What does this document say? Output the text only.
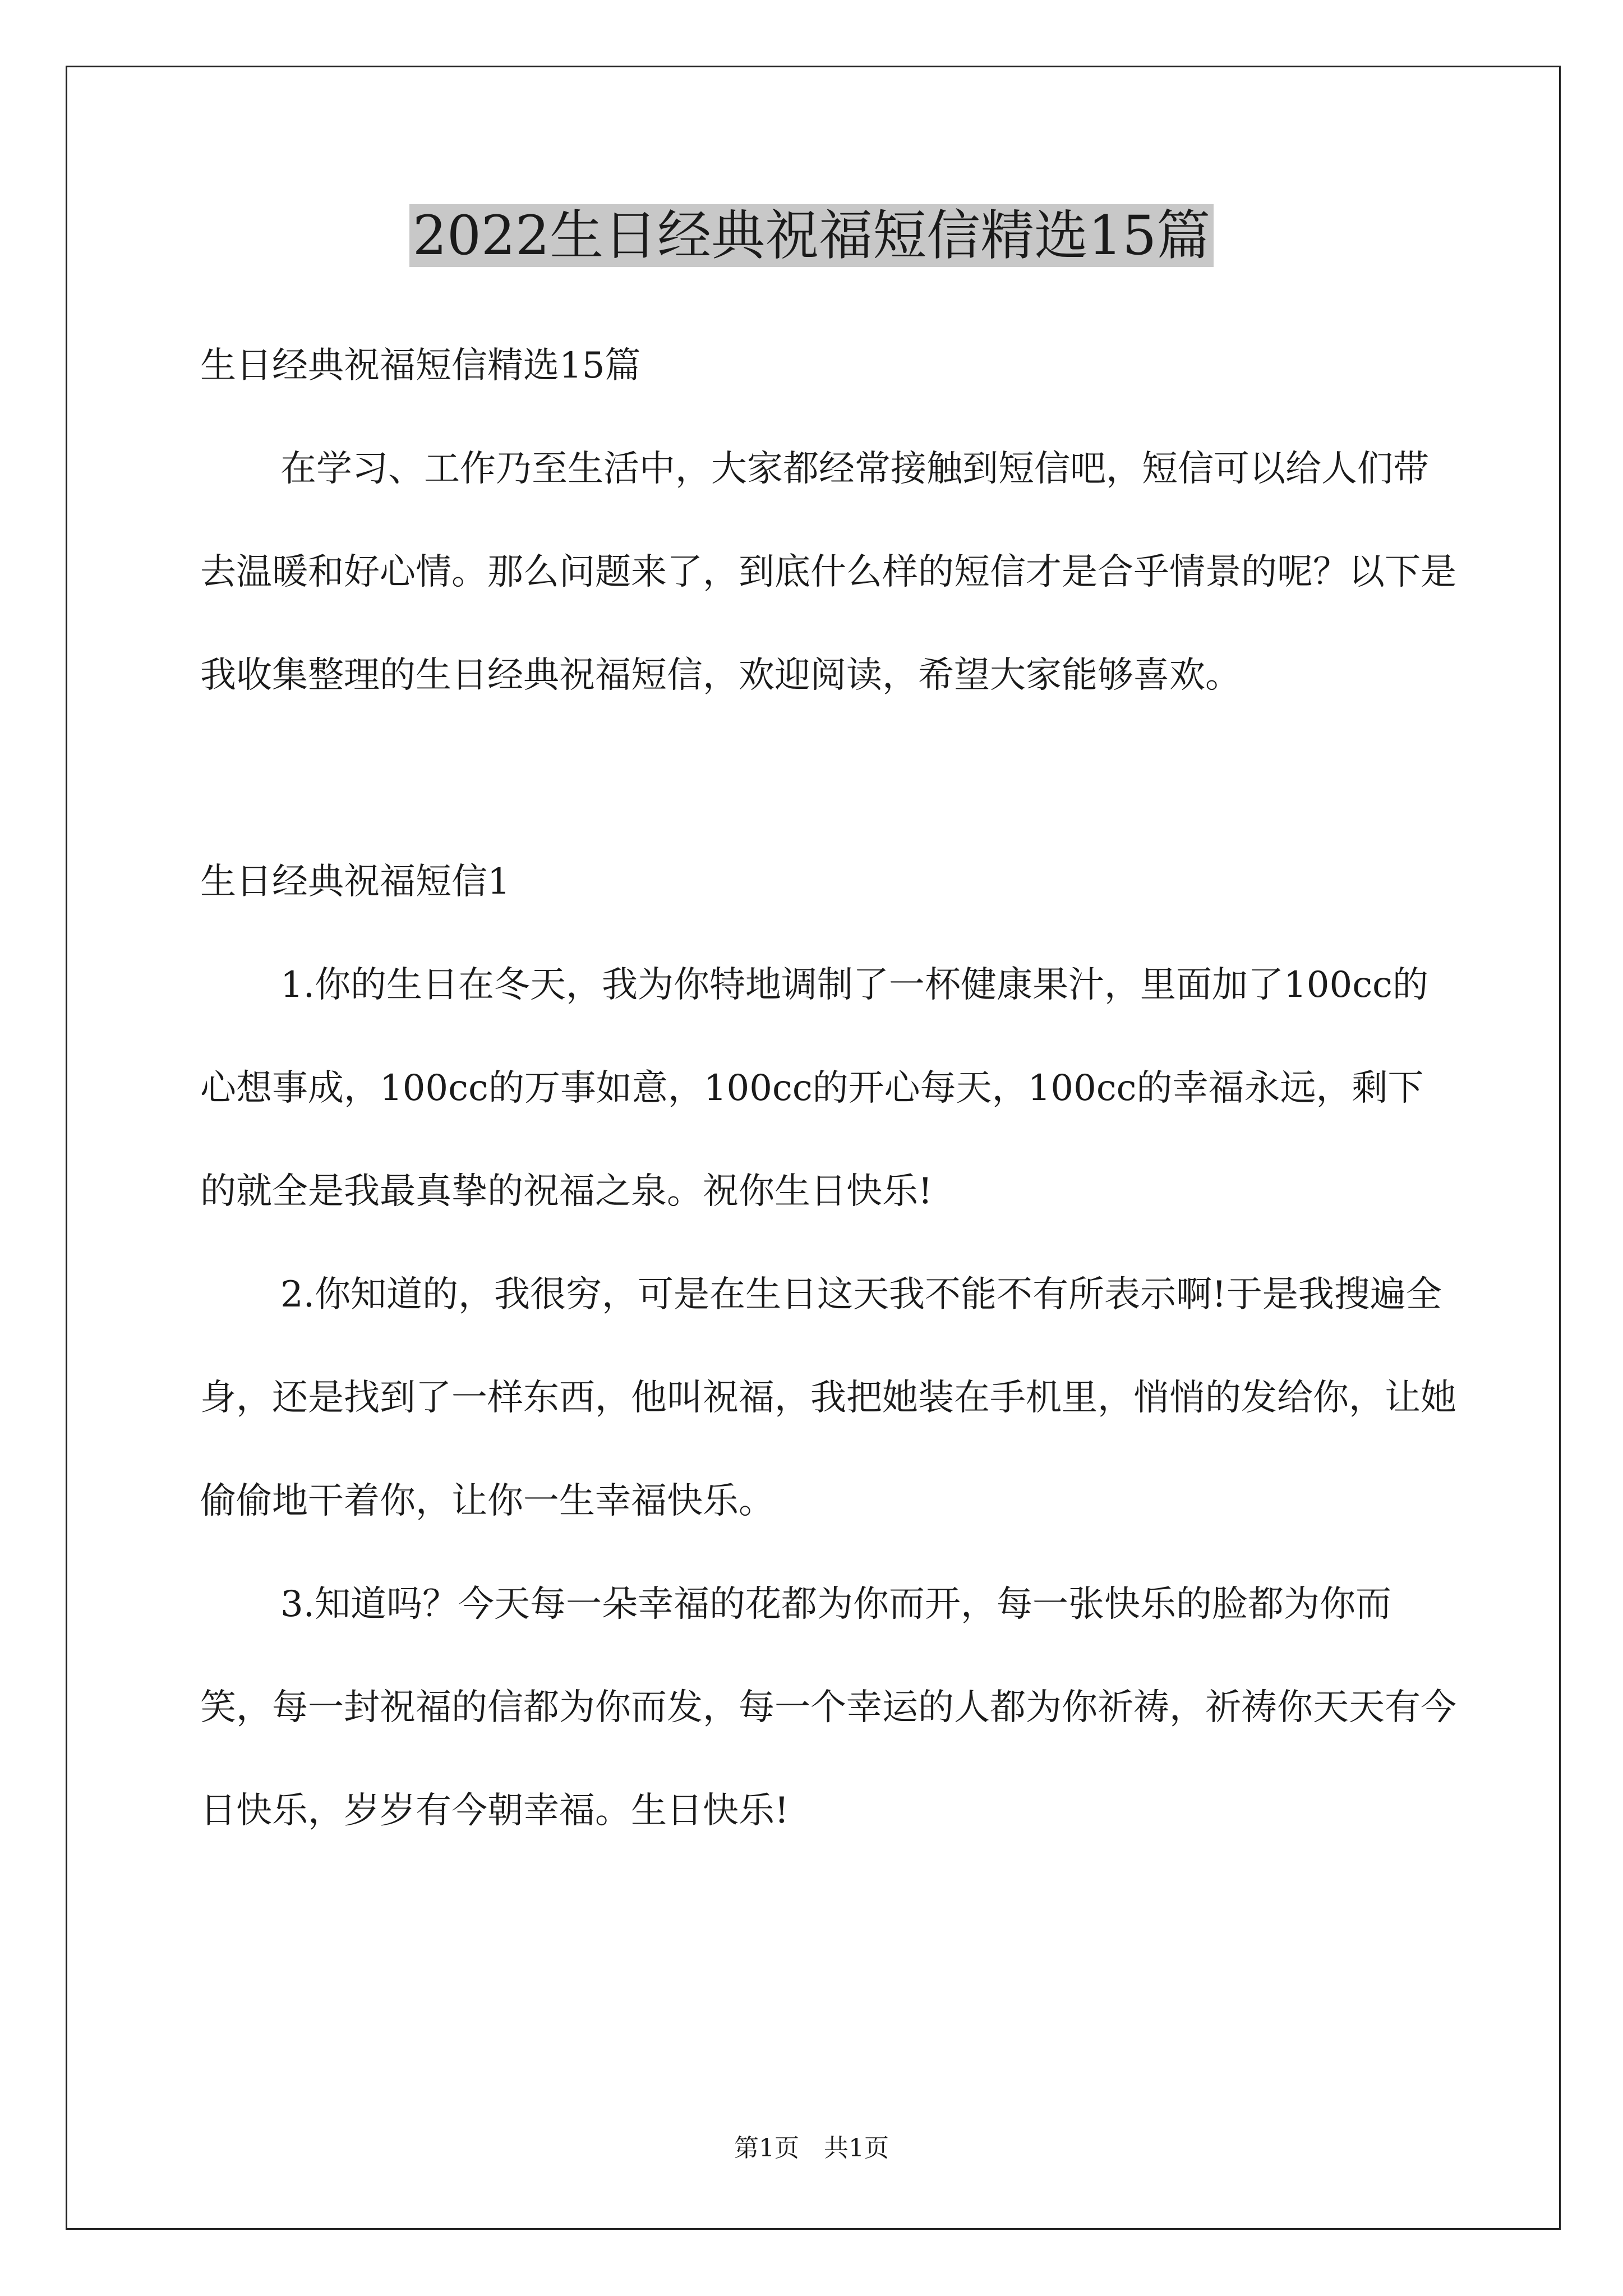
2022生日经典祝福短信精选15篇

生日经典祝福短信精选15篇

在学习、工作乃至生活中，大家都经常接触到短信吧，短信可以给人们带去温暖和好心情。那么问题来了，到底什么样的短信才是合乎情景的呢？以下是我收集整理的生日经典祝福短信，欢迎阅读，希望大家能够喜欢。

生日经典祝福短信1

1.你的生日在冬天，我为你特地调制了一杯健康果汁，里面加了100cc的心想事成，100cc的万事如意，100cc的开心每天，100cc的幸福永远，剩下的就全是我最真挚的祝福之泉。祝你生日快乐!

2.你知道的，我很穷，可是在生日这天我不能不有所表示啊!于是我搜遍全身，还是找到了一样东西，他叫祝福，我把她装在手机里，悄悄的发给你，让她偷偷地干着你，让你一生幸福快乐。

3.知道吗？今天每一朵幸福的花都为你而开，每一张快乐的脸都为你而笑，每一封祝福的信都为你而发，每一个幸运的人都为你祈祷，祈祷你天天有今日快乐，岁岁有今朝幸福。生日快乐!

第1页　共1页
